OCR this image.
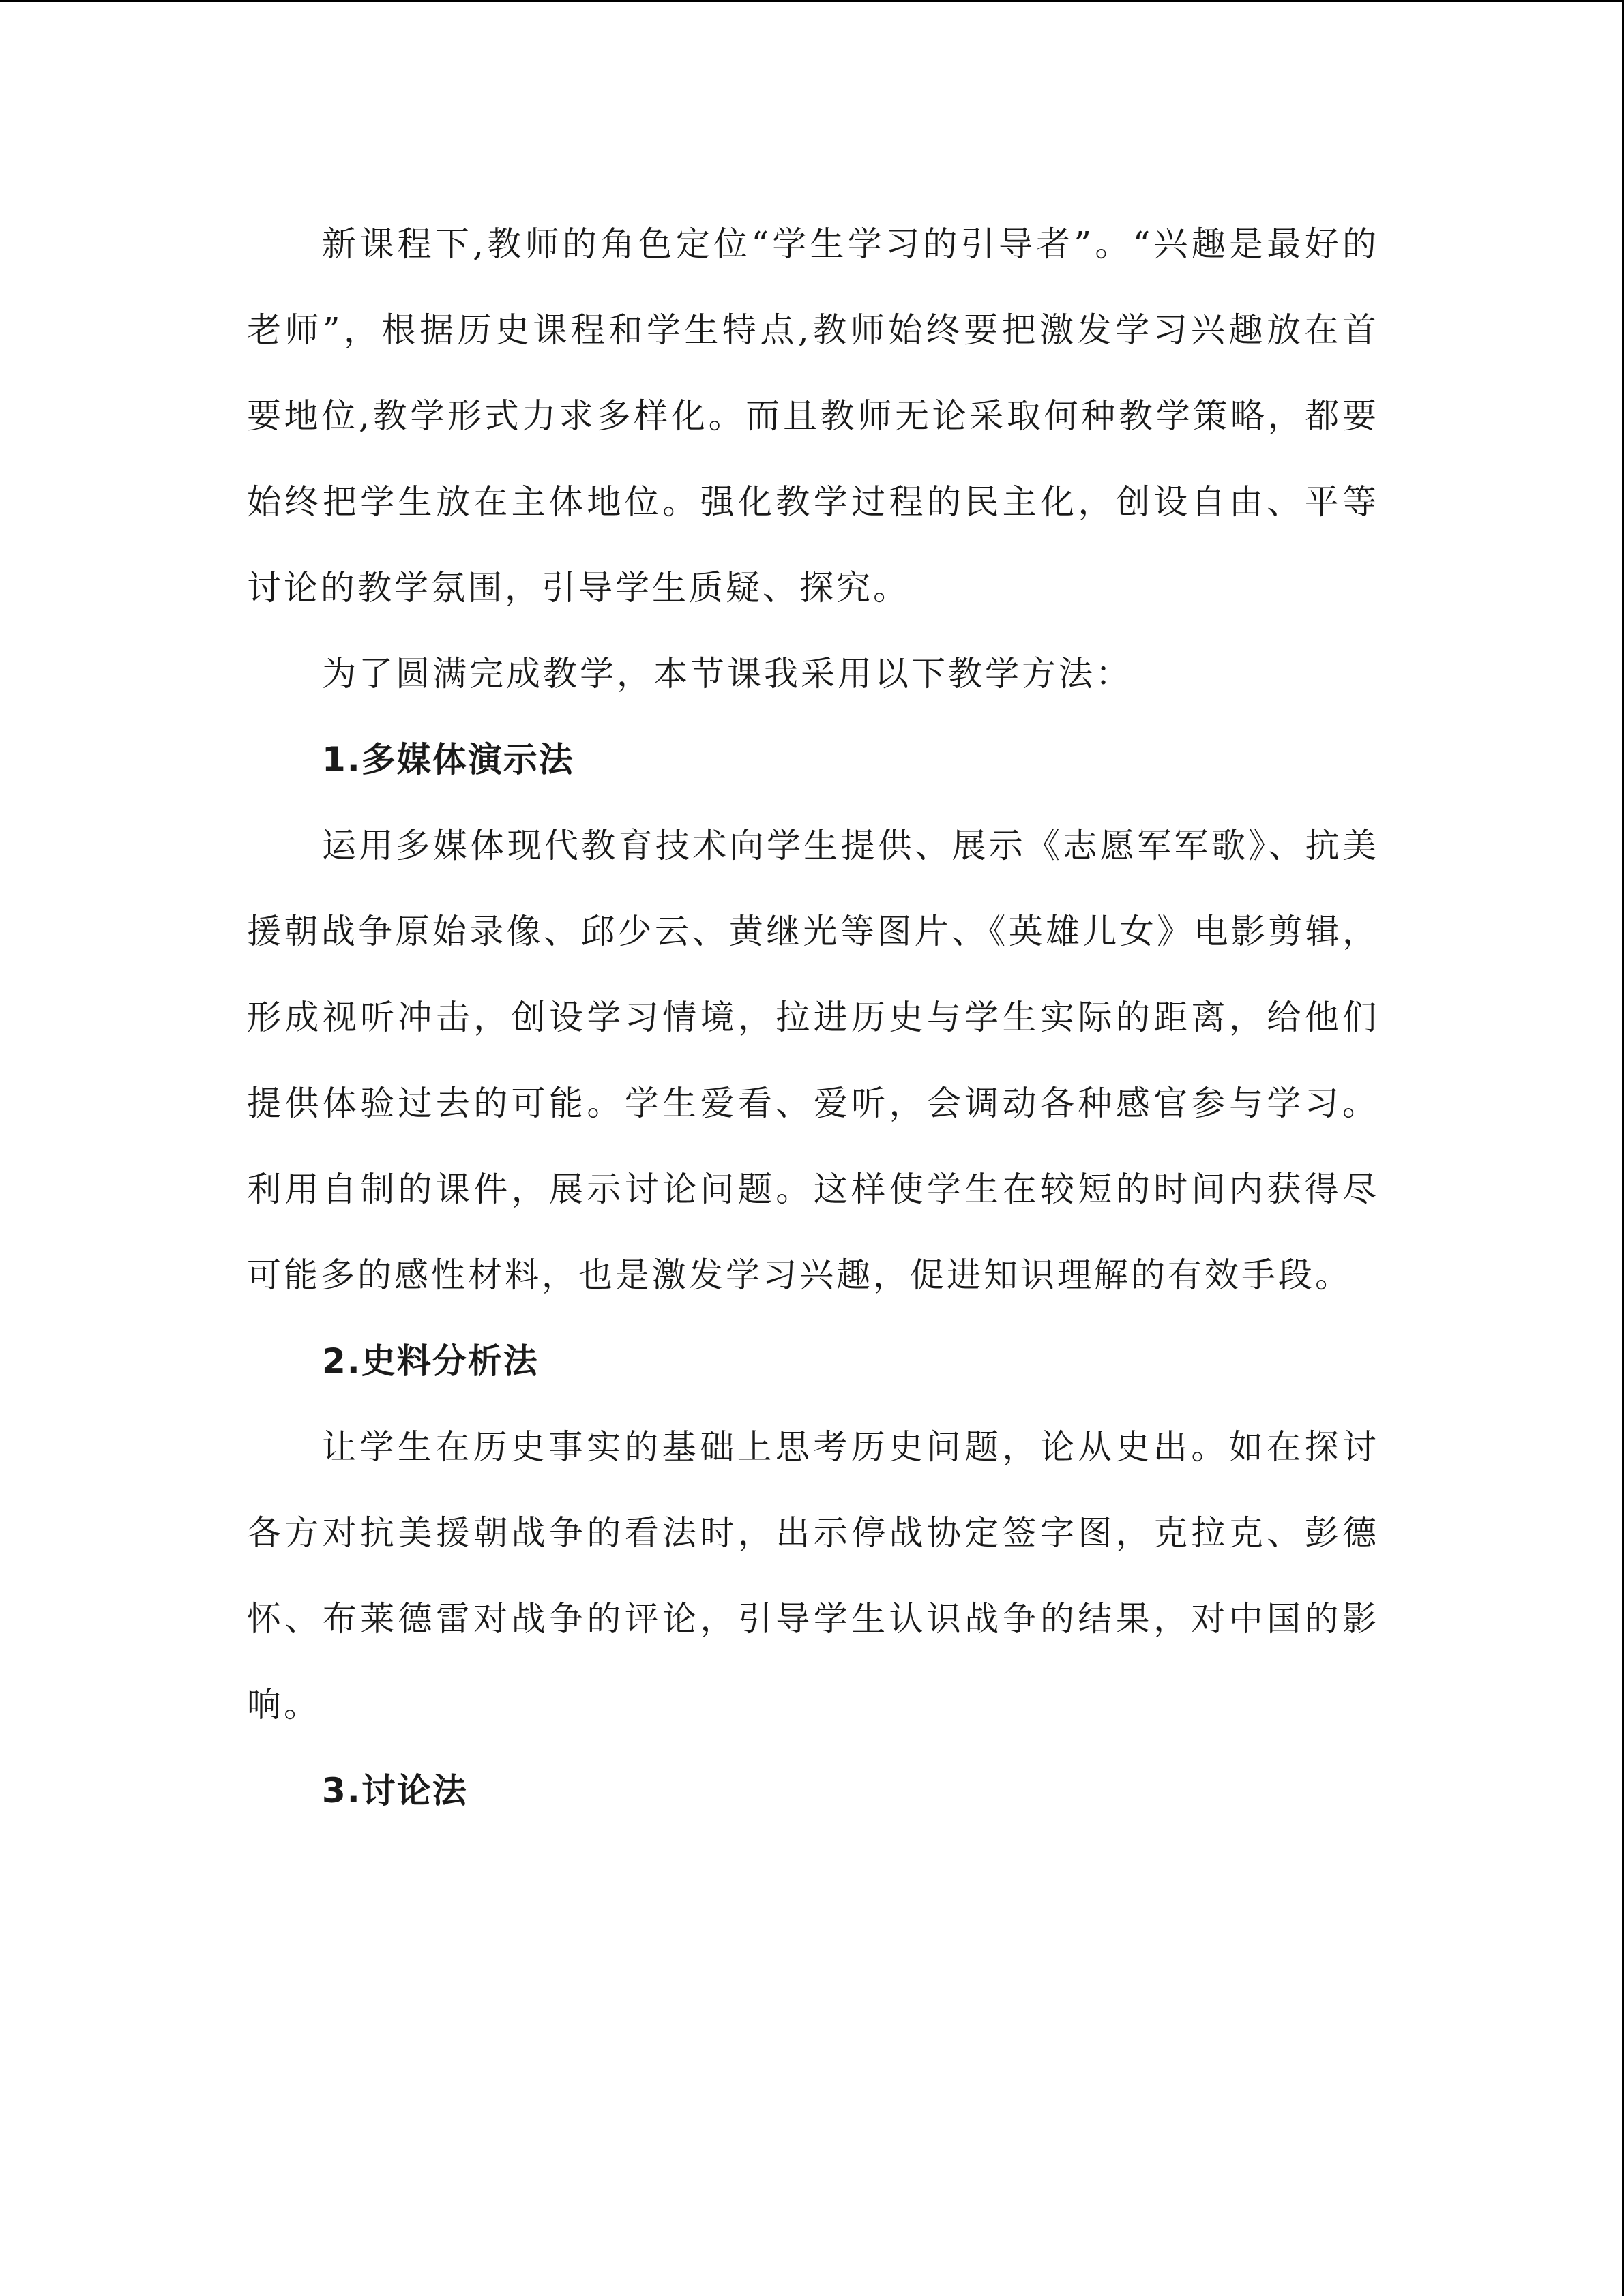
新课程下,教师的角色定位“学生学习的引导者”。“兴趣是最好的老师”，根据历史课程和学生特点,教师始终要把激发学习兴趣放在首要地位,教学形式力求多样化。而且教师无论采取何种教学策略，都要始终把学生放在主体地位。强化教学过程的民主化，创设自由、平等讨论的教学氛围，引导学生质疑、探究。

为了圆满完成教学，本节课我采用以下教学方法：

1.多媒体演示法

运用多媒体现代教育技术向学生提供、展示《志愿军军歌》、抗美援朝战争原始录像、邱少云、黄继光等图片、《英雄儿女》电影剪辑，形成视听冲击，创设学习情境，拉进历史与学生实际的距离，给他们提供体验过去的可能。学生爱看、爱听，会调动各种感官参与学习。利用自制的课件，展示讨论问题。这样使学生在较短的时间内获得尽可能多的感性材料，也是激发学习兴趣，促进知识理解的有效手段。

2.史料分析法

让学生在历史事实的基础上思考历史问题，论从史出。如在探讨各方对抗美援朝战争的看法时，出示停战协定签字图，克拉克、彭德怀、布莱德雷对战争的评论，引导学生认识战争的结果，对中国的影响。

3.讨论法
